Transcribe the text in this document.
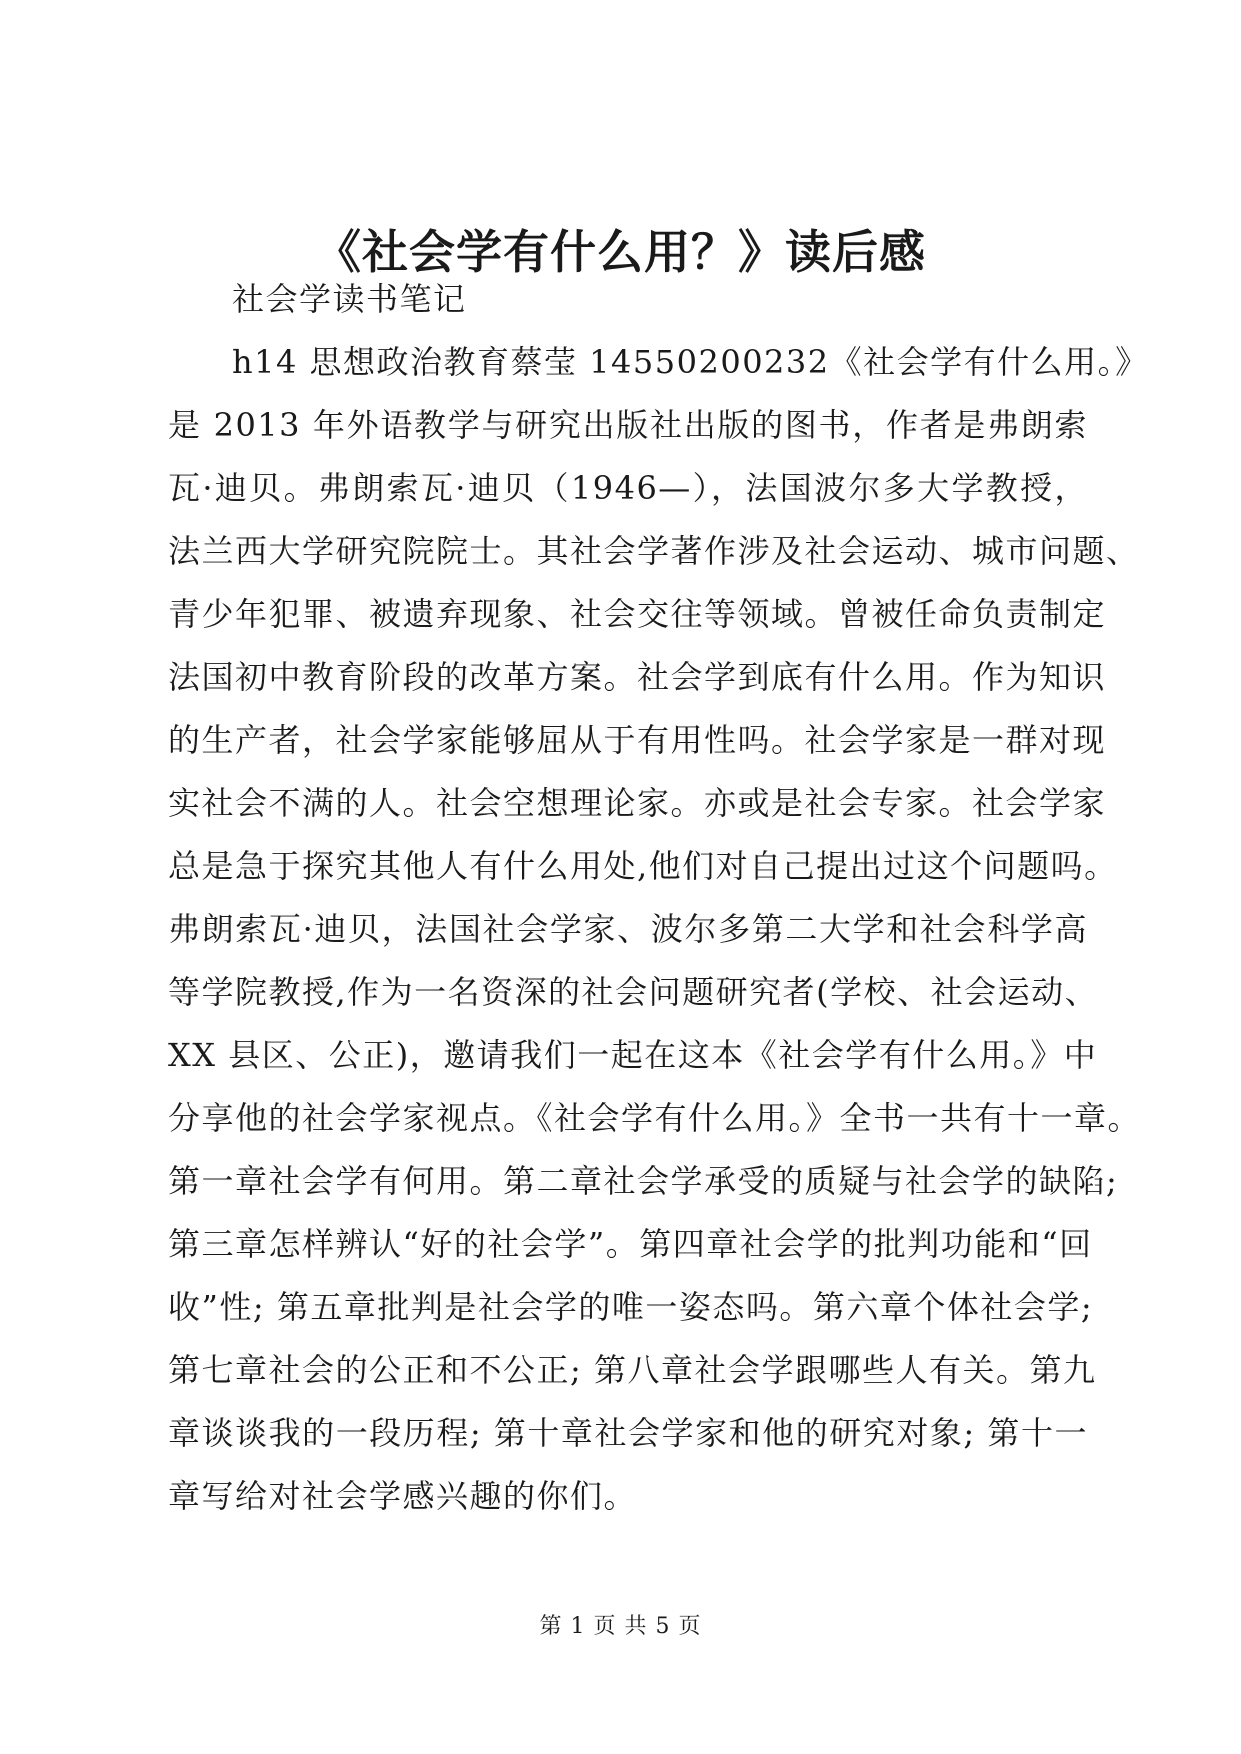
《社会学有什么用？》读后感
社会学读书笔记

h14 思想政治教育蔡莹 14550200232《社会学有什么用。》
是 2013 年外语教学与研究出版社出版的图书，作者是弗朗索
瓦·迪贝。弗朗索瓦·迪贝（1946—），法国波尔多大学教授，
法兰西大学研究院院士。其社会学著作涉及社会运动、城市问题、
青少年犯罪、被遗弃现象、社会交往等领域。曾被任命负责制定
法国初中教育阶段的改革方案。社会学到底有什么用。作为知识
的生产者，社会学家能够屈从于有用性吗。社会学家是一群对现
实社会不满的人。社会空想理论家。亦或是社会专家。社会学家
总是急于探究其他人有什么用处,他们对自己提出过这个问题吗。
弗朗索瓦·迪贝，法国社会学家、波尔多第二大学和社会科学高
等学院教授,作为一名资深的社会问题研究者(学校、社会运动、
XX 县区、公正)，邀请我们一起在这本《社会学有什么用。》中
分享他的社会学家视点。《社会学有什么用。》全书一共有十一章。
第一章社会学有何用。第二章社会学承受的质疑与社会学的缺陷;
第三章怎样辨认“好的社会学”。第四章社会学的批判功能和“回
收”性; 第五章批判是社会学的唯一姿态吗。第六章个体社会学;
第七章社会的公正和不公正; 第八章社会学跟哪些人有关。第九
章谈谈我的一段历程; 第十章社会学家和他的研究对象; 第十一
章写给对社会学感兴趣的你们。

第 1 页 共 5 页
